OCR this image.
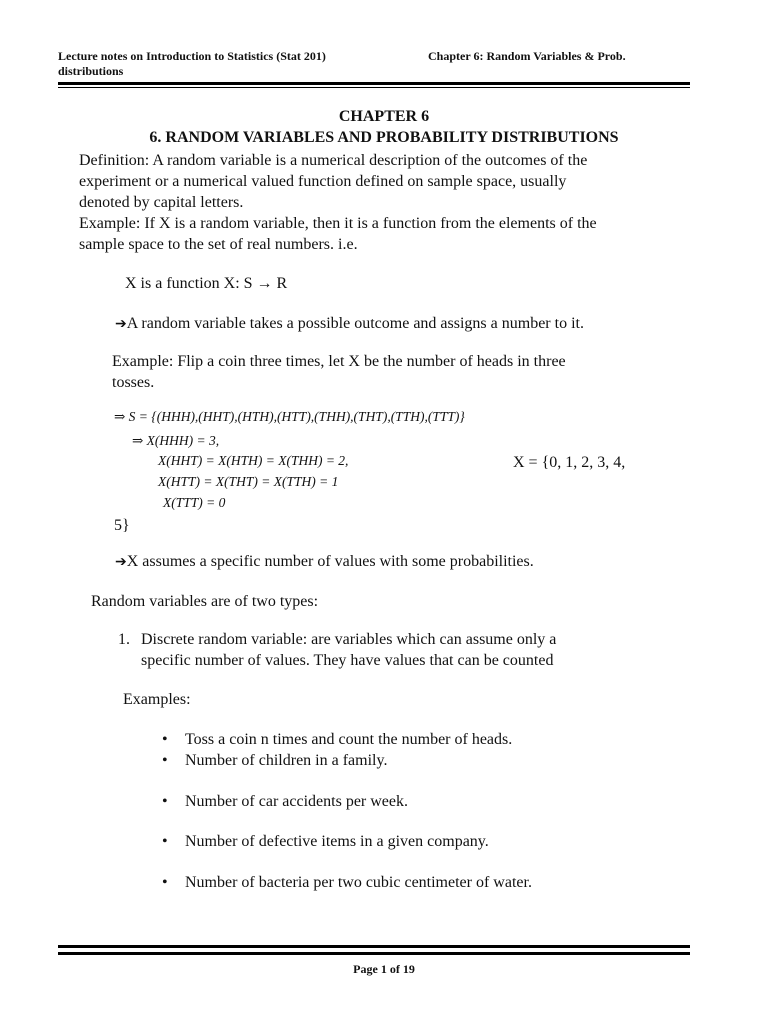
Lecture notes on Introduction to Statistics (Stat 201)
distributions
Chapter 6: Random Variables & Prob.
CHAPTER 6
6. RANDOM VARIABLES AND PROBABILITY DISTRIBUTIONS
Definition: A random variable is a numerical description of the outcomes of the
experiment or a numerical valued function defined on sample space, usually
denoted by capital letters.
Example: If X is a random variable, then it is a function from the elements of the
sample space to the set of real numbers. i.e.
X is a function X: S → R
➔A random variable takes a possible outcome and assigns a number to it.
Example: Flip a coin three times, let X be the number of heads in three
tosses.
⇒ S = {(HHH),(HHT),(HTH),(HTT),(THH),(THT),(TTH),(TTT)}
⇒ X(HHH) = 3,
X(HHT) = X(HTH) = X(THH) = 2,
X(HTT) = X(THT) = X(TTH) = 1
X(TTT) = 0
X = {0, 1, 2, 3, 4,
5}
➔X assumes a specific number of values with some probabilities.
Random variables are of two types:
1. Discrete random variable: are variables which can assume only a
specific number of values. They have values that can be counted
Examples:
• Toss a coin n times and count the number of heads.
• Number of children in a family.
• Number of car accidents per week.
• Number of defective items in a given company.
• Number of bacteria per two cubic centimeter of water.
Page 1 of 19
